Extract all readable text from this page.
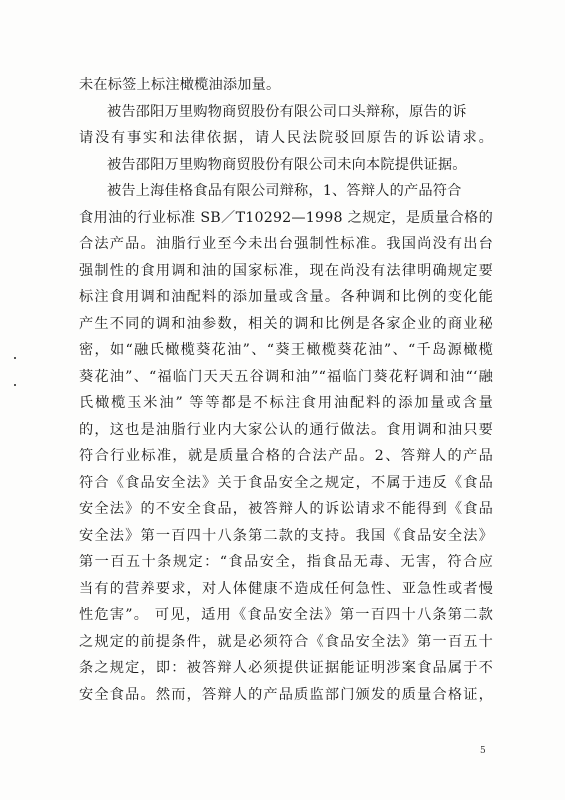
未在标签上标注橄榄油添加量。
被告邵阳万里购物商贸股份有限公司口头辩称，原告的诉
请没有事实和法律依据，请人民法院驳回原告的诉讼请求。
被告邵阳万里购物商贸股份有限公司未向本院提供证据。
被告上海佳格食品有限公司辩称，1、答辩人的产品符合
食用油的行业标准 SB／T10292—1998 之规定，是质量合格的
合法产品。油脂行业至今未出台强制性标准。我国尚没有出台
强制性的食用调和油的国家标准，现在尚没有法律明确规定要
标注食用调和油配料的添加量或含量。各种调和比例的变化能
产生不同的调和油参数，相关的调和比例是各家企业的商业秘
密，如“融氏橄榄葵花油”、“葵王橄榄葵花油”、“千岛源橄榄
葵花油”、“福临门天天五谷调和油”“福临门葵花籽调和油“‘融
氏橄榄玉米油” 等等都是不标注食用油配料的添加量或含量
的，这也是油脂行业内大家公认的通行做法。食用调和油只要
符合行业标准，就是质量合格的合法产品。2、答辩人的产品
符合《食品安全法》关于食品安全之规定，不属于违反《食品
安全法》的不安全食品，被答辩人的诉讼请求不能得到《食品
安全法》第一百四十八条第二款的支持。我国《食品安全法》
第一百五十条规定：“食品安全，指食品无毒、无害，符合应
当有的营养要求，对人体健康不造成任何急性、亚急性或者慢
性危害”。 可见，适用《食品安全法》第一百四十八条第二款
之规定的前提条件，就是必须符合《食品安全法》第一百五十
条之规定，即：被答辩人必须提供证据能证明涉案食品属于不
安全食品。然而，答辩人的产品质监部门颁发的质量合格证，
5
